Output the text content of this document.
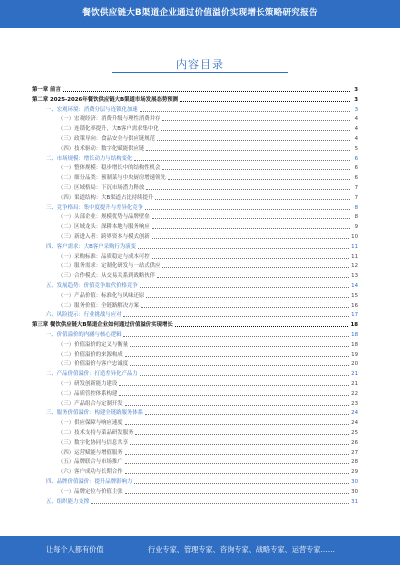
餐饮供应链大B渠道企业通过价值溢价实现增长策略研究报告
内容目录
第一章 前言	3
第二章 2025-2026年餐饮供应链大B渠道市场发展态势预测	3
一、宏观环境：消费分层与连锁化加速	3
（一）宏观经济：消费升级与理性消费并存	4
（二）连锁化率提升，大B客户需求集中化	4
（三）政策导向：食品安全与供应链规范	4
（四）技术驱动：数字化赋能供应链	5
二、市场规模：增长动力与结构变化	6
（一）整体规模：稳步增长中的结构性机会	6
（二）细分品类：预制菜与中央厨房增速领先	6
（三）区域格局：下沉市场潜力释放	7
（四）渠道结构：大B渠道占比持续提升	7
三、竞争格局：集中度提升与差异化竞争	8
（一）头部企业：规模优势与品牌壁垒	8
（二）区域龙头：深耕本地与服务响应	9
（三）新进入者：跨界资本与模式创新	10
四、客户需求：大B客户采购行为演变	11
（一）采购标准：品质稳定与成本可控	11
（二）服务需求：定制化研发与一站式供应	12
（三）合作模式：从交易关系到战略伙伴	13
五、发展趋势：价值竞争取代价格竞争	14
（一）产品价值：标准化与风味还原	15
（二）服务价值：全链路解决方案	16
六、风险提示：行业挑战与应对	17
第三章 餐饮供应链大B渠道企业如何通过价值溢价实现增长	18
一、价值溢价的内涵与核心逻辑	18
（一）价值溢价的定义与衡量	18
（二）价值溢价的来源构成	19
（三）价值溢价与客户忠诚度	20
二、产品价值溢价：打造差异化产品力	21
（一）研发创新能力建设	21
（二）品质管控体系构建	22
（三）产品组合与定制开发	23
三、服务价值溢价：构建全链路服务体系	24
（一）供应保障与响应速度	24
（二）技术支持与菜品研发服务	25
（三）数字化协同与信息共享	26
（四）运营赋能与增值服务	27
（五）品牌联合与市场推广	28
（六）客户成功与长期合作	29
四、品牌价值溢价：提升品牌影响力	30
（一）品牌定位与价值主张	30
五、组织能力支撑	31
让每个人都有价值	行业专家、管理专家、咨询专家、战略专家、运营专家……
